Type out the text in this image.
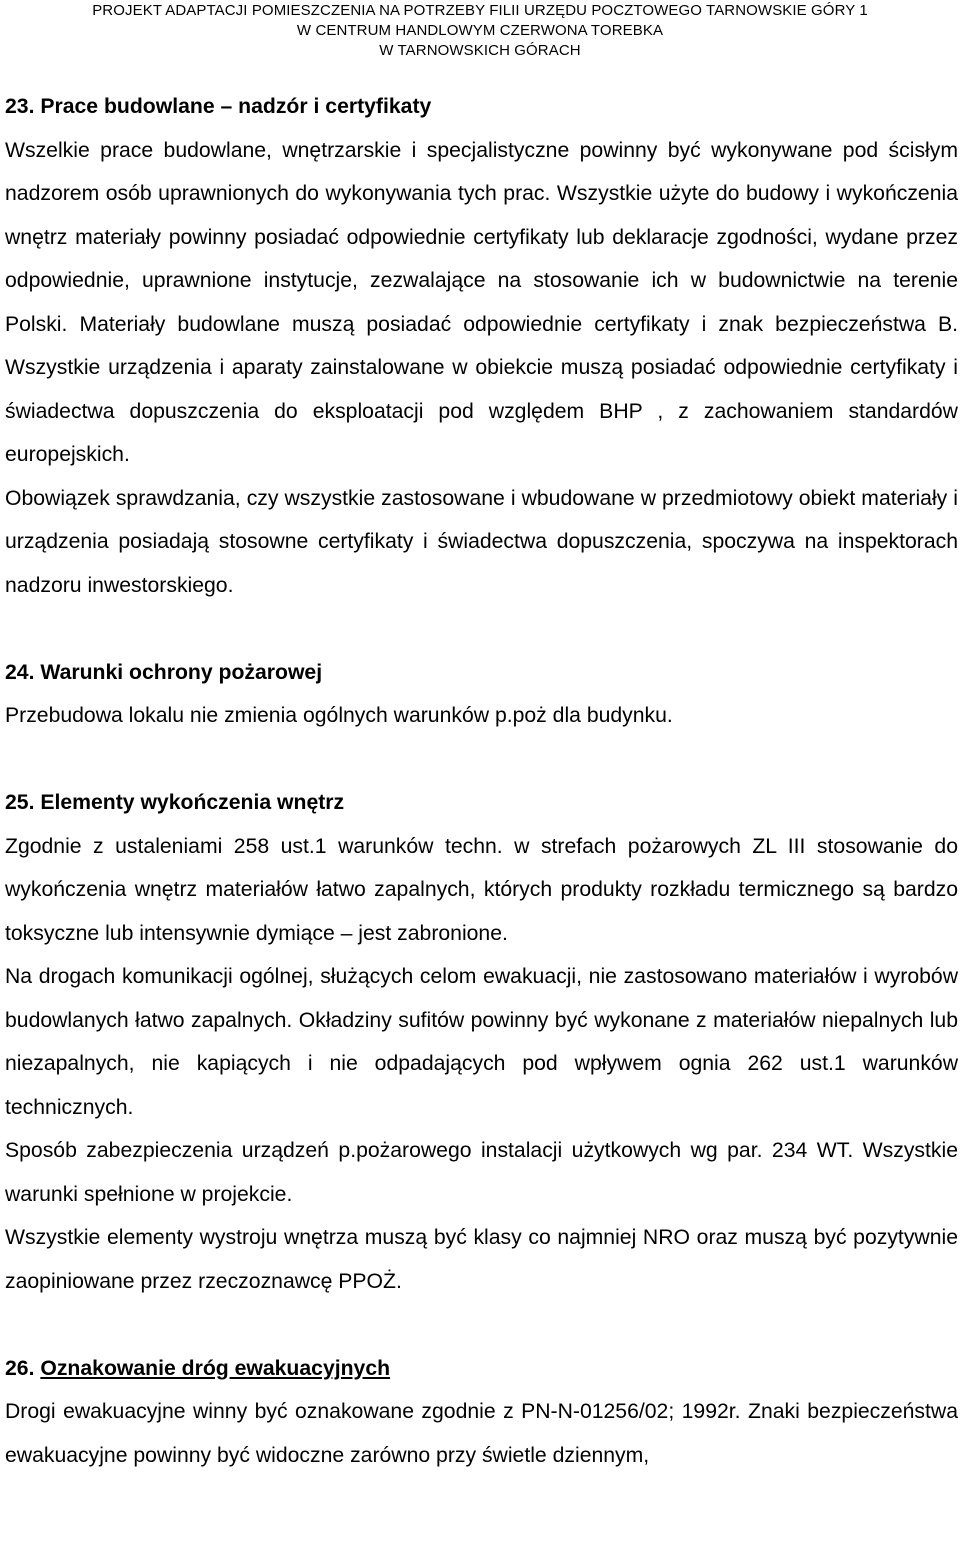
PROJEKT ADAPTACJI POMIESZCZENIA NA POTRZEBY FILII URZĘDU POCZTOWEGO TARNOWSKIE GÓRY 1
W CENTRUM HANDLOWYM CZERWONA TOREBKA
W TARNOWSKICH GÓRACH
23. Prace budowlane – nadzór i certyfikaty

Wszelkie prace budowlane, wnętrzarskie i specjalistyczne powinny być wykonywane pod ścisłym nadzorem osób uprawnionych do wykonywania tych prac. Wszystkie użyte do budowy i wykończenia wnętrz materiały powinny posiadać odpowiednie certyfikaty lub deklaracje zgodności, wydane przez odpowiednie, uprawnione instytucje, zezwalające na stosowanie ich w budownictwie na terenie Polski. Materiały budowlane muszą posiadać odpowiednie certyfikaty i znak bezpieczeństwa B. Wszystkie urządzenia i aparaty zainstalowane w obiekcie muszą posiadać odpowiednie certyfikaty i świadectwa dopuszczenia do eksploatacji pod względem BHP , z zachowaniem standardów europejskich.

Obowiązek sprawdzania, czy wszystkie zastosowane i wbudowane w przedmiotowy obiekt materiały i urządzenia posiadają stosowne certyfikaty i świadectwa dopuszczenia, spoczywa na inspektorach nadzoru inwestorskiego.

24. Warunki ochrony pożarowej

Przebudowa lokalu nie zmienia ogólnych warunków p.poż dla budynku.

25. Elementy wykończenia wnętrz

Zgodnie z ustaleniami 258 ust.1 warunków techn. w strefach pożarowych ZL III stosowanie do wykończenia wnętrz materiałów łatwo zapalnych, których produkty rozkładu termicznego są bardzo toksyczne lub intensywnie dymiące – jest zabronione.

Na drogach komunikacji ogólnej, służących celom ewakuacji, nie zastosowano materiałów i wyrobów budowlanych łatwo zapalnych. Okładziny sufitów powinny być wykonane z materiałów niepalnych lub niezapalnych, nie kapiących i nie odpadających pod wpływem ognia 262 ust.1 warunków technicznych.

Sposób zabezpieczenia urządzeń p.pożarowego instalacji użytkowych wg par. 234 WT. Wszystkie warunki spełnione w projekcie.

Wszystkie elementy wystroju wnętrza muszą być klasy co najmniej NRO oraz muszą być pozytywnie zaopiniowane przez rzeczoznawcę PPOŻ.

26. Oznakowanie dróg ewakuacyjnych

Drogi ewakuacyjne winny być oznakowane zgodnie z PN-N-01256/02; 1992r. Znaki bezpieczeństwa ewakuacyjne powinny być widoczne zarówno przy świetle dziennym,
